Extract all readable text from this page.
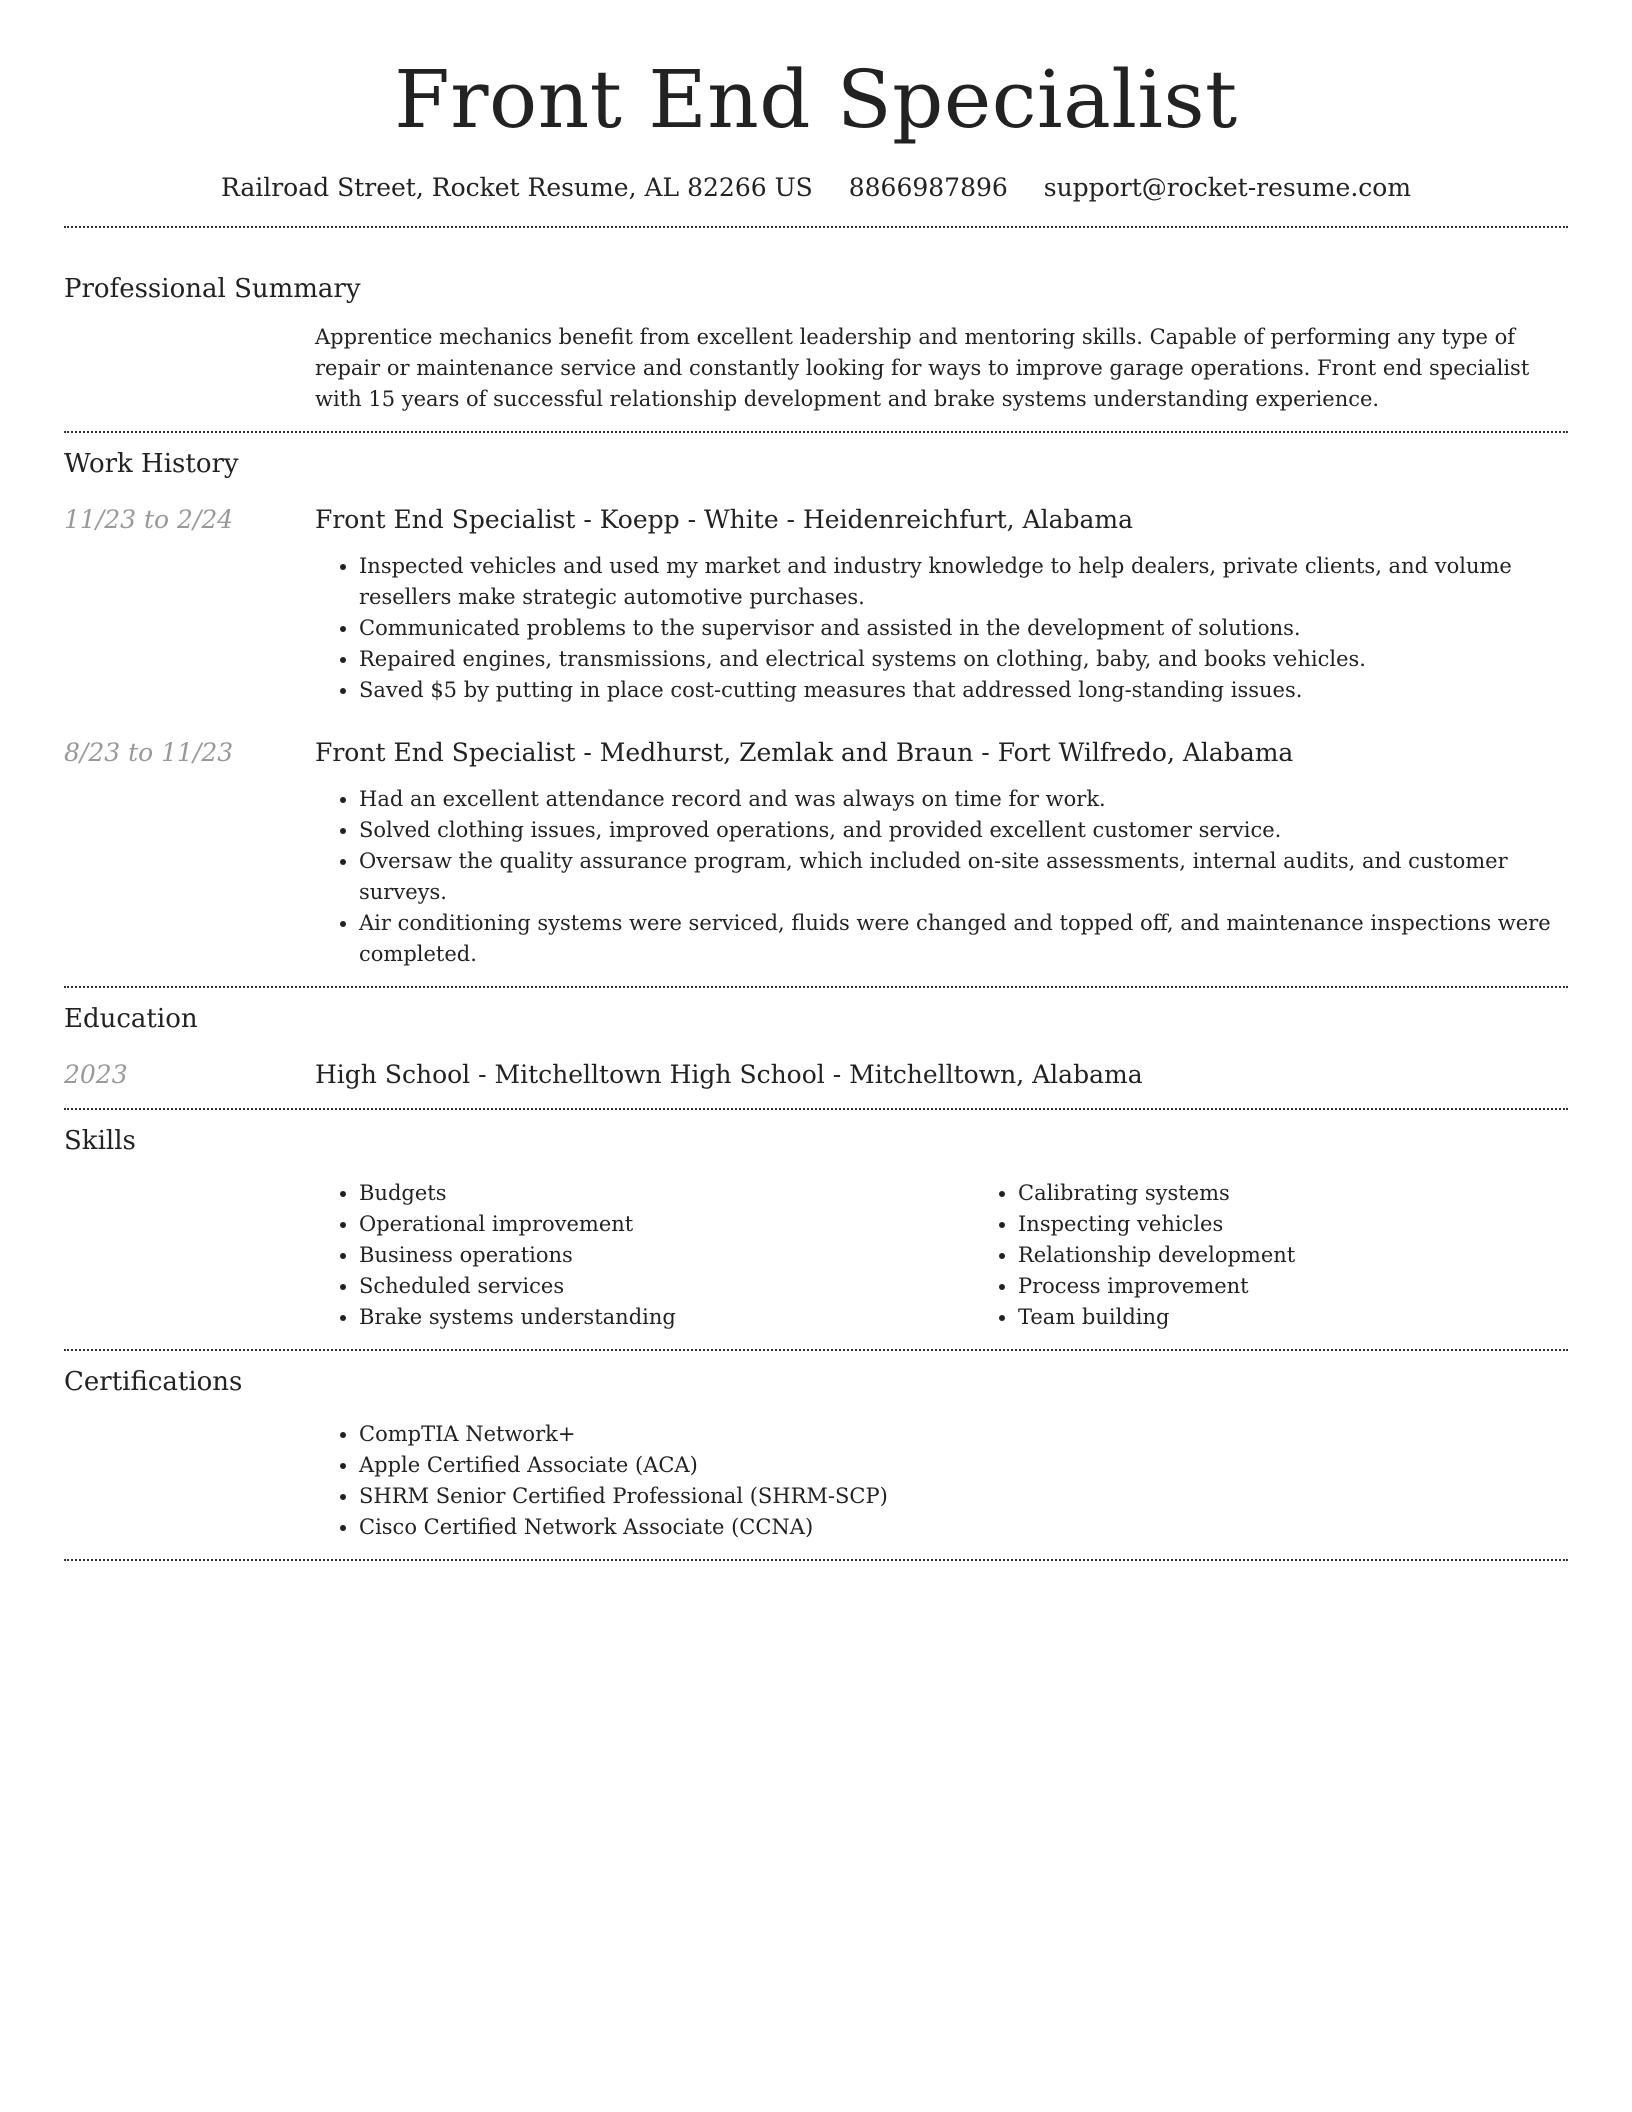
Front End Specialist
Railroad Street, Rocket Resume, AL 82266 US 8866987896 support@rocket-resume.com
Professional Summary

Apprentice mechanics benefit from excellent leadership and mentoring skills. Capable of performing any type of repair or maintenance service and constantly looking for ways to improve garage operations. Front end specialist with 15 years of successful relationship development and brake systems understanding experience.

Work History
11/23 to 2/24	Front End Specialist - Koepp - White - Heidenreichfurt, Alabama
• Inspected vehicles and used my market and industry knowledge to help dealers, private clients, and volume resellers make strategic automotive purchases.
• Communicated problems to the supervisor and assisted in the development of solutions.
• Repaired engines, transmissions, and electrical systems on clothing, baby, and books vehicles.
• Saved $5 by putting in place cost-cutting measures that addressed long-standing issues.
8/23 to 11/23	Front End Specialist - Medhurst, Zemlak and Braun - Fort Wilfredo, Alabama
• Had an excellent attendance record and was always on time for work.
• Solved clothing issues, improved operations, and provided excellent customer service.
• Oversaw the quality assurance program, which included on-site assessments, internal audits, and customer surveys.
• Air conditioning systems were serviced, fluids were changed and topped off, and maintenance inspections were completed.
Education
2023	High School - Mitchelltown High School - Mitchelltown, Alabama
Skills
• Budgets
• Operational improvement
• Business operations
• Scheduled services
• Brake systems understanding
• Calibrating systems
• Inspecting vehicles
• Relationship development
• Process improvement
• Team building
Certifications
• CompTIA Network+
• Apple Certified Associate (ACA)
• SHRM Senior Certified Professional (SHRM-SCP)
• Cisco Certified Network Associate (CCNA)
